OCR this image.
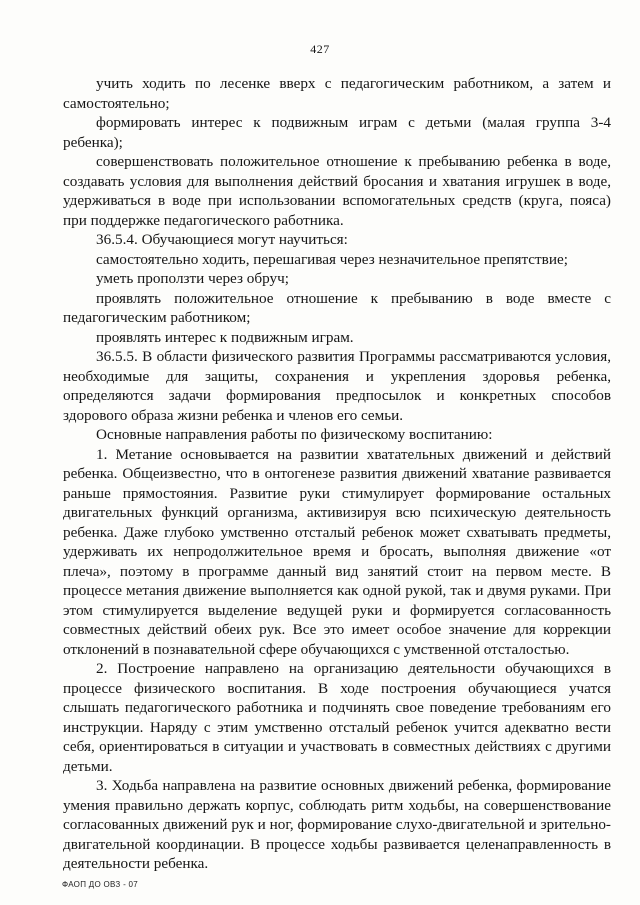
427

учить ходить по лесенке вверх с педагогическим работником, а затем и самостоятельно;

формировать интерес к подвижным играм с детьми (малая группа 3-4 ребенка);

совершенствовать положительное отношение к пребыванию ребенка в воде, создавать условия для выполнения действий бросания и хватания игрушек в воде, удерживаться в воде при использовании вспомогательных средств (круга, пояса) при поддержке педагогического работника.

36.5.4. Обучающиеся могут научиться:

самостоятельно ходить, перешагивая через незначительное препятствие;

уметь проползти через обруч;

проявлять положительное отношение к пребыванию в воде вместе с педагогическим работником;

проявлять интерес к подвижным играм.

36.5.5. В области физического развития Программы рассматриваются условия, необходимые для защиты, сохранения и укрепления здоровья ребенка, определяются задачи формирования предпосылок и конкретных способов здорового образа жизни ребенка и членов его семьи.

Основные направления работы по физическому воспитанию:

1. Метание основывается на развитии хватательных движений и действий ребенка. Общеизвестно, что в онтогенезе развития движений хватание развивается раньше прямостояния. Развитие руки стимулирует формирование остальных двигательных функций организма, активизируя всю психическую деятельность ребенка. Даже глубоко умственно отсталый ребенок может схватывать предметы, удерживать их непродолжительное время и бросать, выполняя движение «от плеча», поэтому в программе данный вид занятий стоит на первом месте. В процессе метания движение выполняется как одной рукой, так и двумя руками. При этом стимулируется выделение ведущей руки и формируется согласованность совместных действий обеих рук. Все это имеет особое значение для коррекции отклонений в познавательной сфере обучающихся с умственной отсталостью.

2. Построение направлено на организацию деятельности обучающихся в процессе физического воспитания. В ходе построения обучающиеся учатся слышать педагогического работника и подчинять свое поведение требованиям его инструкции. Наряду с этим умственно отсталый ребенок учится адекватно вести себя, ориентироваться в ситуации и участвовать в совместных действиях с другими детьми.

3. Ходьба направлена на развитие основных движений ребенка, формирование умения правильно держать корпус, соблюдать ритм ходьбы, на совершенствование согласованных движений рук и ног, формирование слухо-двигательной и зрительно-двигательной координации. В процессе ходьбы развивается целенаправленность в деятельности ребенка.

ФАОП ДО ОВЗ - 07
